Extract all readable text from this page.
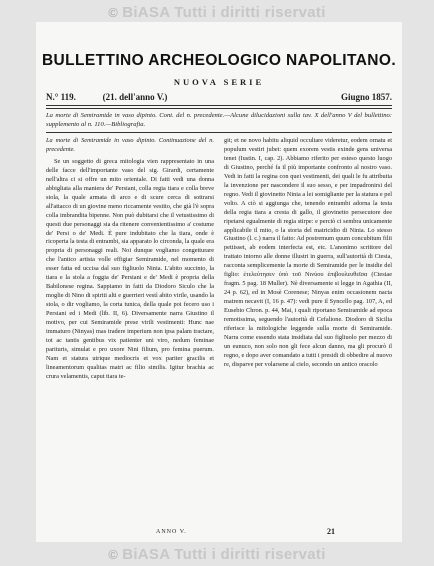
© BiASA Tutti i diritti riservati
BULLETTINO ARCHEOLOGICO NAPOLITANO.
NUOVA SERIE
N.° 119.	(21. dell'anno V.)	Giugno 1857.
La morte di Semiramide in vaso dipinto. Cont. del n. precedente.—Alcune dilucidazioni sulla tav. X dell'anno V del bullettino: supplemento al n. 110.—Bibliografia.

La morte di Semiramide in vaso dipinto. Continuazione del n. precedente.

Se un soggetto di greca mitologia vien rappresentato in una delle facce dell'importante vaso del sig. Girardi, certamente nell'altra ci si offre un mito orientale. Di fatti vedi una donna abbigliata alla maniera de' Persiani, colla regia tiara e colla breve stola, la quale armata di arco e di scure cerca di sottrarsi all'attacco di un giovine meno riccamente vestito, che già l'è sopra colla imbrandita bipenne. Non può dubitarsi che il vetustissimo di questi due personaggi sia da ritenere convenientissimo a' costume de' Persi o de' Medi. È pure indubitato che la tiara, onde è ricoperta la testa di entrambi, sia apparato lo circonda, la quale era propria di personaggi reali. Noi dunque vogliamo congetturare che l'antico artista volle effigiar Semiramide, nel momento di esser fatta ed uccisa dal suo figliuolo Ninia. L'abito succinto, la tiara e la stola a foggia de' Persiani e de' Medi è propria della Babilonese regina. Sappiamo in fatti da Diodoro Siculo che la moglie di Nino di spiriti alti e guerrieri vestì abito virile, usando la stola, o dir vogliamo, la corta tunica, della quale poi fecero uso i Persiani ed i Medi (lib. II, 6). Diversamente narra Giustino il motivo, per cui Semiramide prese virili vestimenti: Hunc nae immaturo (Ninyas) mas tradere imperium non ipsa palam tractare, tot ac tantis gentibus vix patienter uni viro, nedum feminae parituris, simulat e pro uxore Nini filium, pro femina puerum. Nam et statura utrique mediocris et vox pariter gracilis et lineamentorum qualitas matri ac filio similis. Igitur brachia ac crura velamentis, caput tiara te-

git; et ne novo habitu aliquid occultare videretur, eodem ornatu et populum vestiri jubet: quem exorem vestis exinde gens universa tenet (Iustin. I, cap. 2). Abbiamo riferito per esteso questo luogo di Giustino, perché fa il più importante confronto al nostro vaso. Vedi in fatti la regina con quei vestimenti, dei quali le fu attribuita la invenzione per nascondere il suo sesso, e per impadronirsi del regno. Vedi il giovinetto Ninia a lei somigliante per la statura e pel volto. A ciò si aggiunga che, tenendo entrambi adorna la testa della regia tiara a cresta di gallo, il giovinetto persecutore dee ripetarsi egualmente di regia stirpe: e perciò ci sembra unicamente applicabile il mito, o la storia del matricidio di Ninia. Lo stesso Giustino (l. c.) narra il fatto: Ad postremum quum concubitum filii petiisset, ab eodem interfecta est, etc. L'anonimo scrittore del trattato intorno alle donne illustri in guerra, sull'autorità di Ctesia, racconta semplicemente la morte di Semiramide per le insidie del figlio: ἐτελεύτησεν ὑπὸ τοῦ Νινύου ἐπιβουλευθεῖσα (Ctesiae fragm. 5 pag. 18 Muller). Nè diversamente si legge in Agathia (II, 24 p. 62), ed in Mosè Corenese; Ninyas enim occasionem nacta matrem necavit (I, 16 p. 47): vedi pure il Syncello pag. 107, A, ed Eusebio Chron. p. 44, Mai, i quali riportano Semiramide ad epoca remotissima, seguendo l'autorità di Cefalione. Diodoro di Sicilia riferisce la mitologiche leggende sulla morte di Semiramide. Narra come essendo stata insidiata dal suo figliuolo per mezzo di un eunuco, non solo non gli fece alcun danno, ma gli procurò il regno, e dopo aver comandato a tutti i presidi di obbedire al nuovo re, disparve per volarsene al cielo, secondo un antico oracolo

ANNO V.	21
© BiASA Tutti i diritti riservati
